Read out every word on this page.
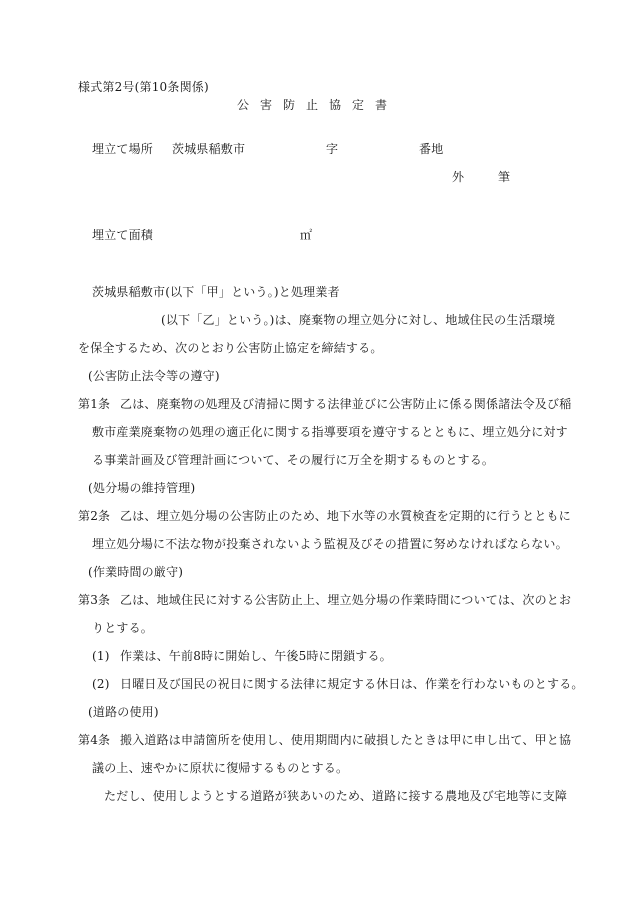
様式第2号(第10条関係)
公害防止協定書
埋立て場所 茨城県稲敷市	字	番地
外	筆
埋立て面積	㎡
茨城県稲敷市(以下「甲」という。)と処理業者
(以下「乙」という。)は、廃棄物の埋立処分に対し、地域住民の生活環境
を保全するため、次のとおり公害防止協定を締結する。
(公害防止法令等の遵守)
第1条 乙は、廃棄物の処理及び清掃に関する法律並びに公害防止に係る関係諸法令及び稲
敷市産業廃棄物の処理の適正化に関する指導要項を遵守するとともに、埋立処分に対す
る事業計画及び管理計画について、その履行に万全を期するものとする。
(処分場の維持管理)
第2条 乙は、埋立処分場の公害防止のため、地下水等の水質検査を定期的に行うとともに
埋立処分場に不法な物が投棄されないよう監視及びその措置に努めなければならない。
(作業時間の厳守)
第3条 乙は、地域住民に対する公害防止上、埋立処分場の作業時間については、次のとお
りとする。
(1) 作業は、午前8時に開始し、午後5時に閉鎖する。
(2) 日曜日及び国民の祝日に関する法律に規定する休日は、作業を行わないものとする。
(道路の使用)
第4条 搬入道路は申請箇所を使用し、使用期間内に破損したときは甲に申し出て、甲と協
議の上、速やかに原状に復帰するものとする。
ただし、使用しようとする道路が狭あいのため、道路に接する農地及び宅地等に支障
